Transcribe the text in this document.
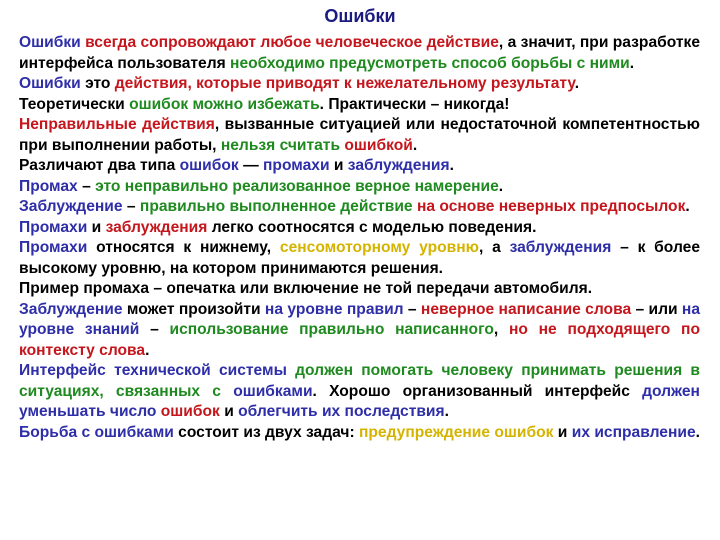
Ошибки

Ошибки всегда сопровождают любое человеческое действие, а значит, при разработке интерфейса пользователя необходимо предусмотреть способ борьбы с ними.

Ошибки это действия, которые приводят к нежелательному результату.

Теоретически ошибок можно избежать. Практически – никогда!

Неправильные действия, вызванные ситуацией или недостаточной компетентностью при выполнении работы, нельзя считать ошибкой.

Различают два типа ошибок — промахи и заблуждения.

Промах – это неправильно реализованное верное намерение.

Заблуждение – правильно выполненное действие на основе неверных предпосылок.

Промахи и заблуждения легко соотносятся с моделью поведения.

Промахи относятся к нижнему, сенсомоторному уровню, а заблуждения – к более высокому уровню, на котором принимаются решения.

Пример промаха – опечатка или включение не той передачи автомобиля.

Заблуждение может произойти на уровне правил – неверное написание слова – или на уровне знаний – использование правильно написанного, но не подходящего по контексту слова.

Интерфейс технической системы должен помогать человеку принимать решения в ситуациях, связанных с ошибками. Хорошо организованный интерфейс должен уменьшать число ошибок и облегчить их последствия.

Борьба с ошибками состоит из двух задач: предупреждение ошибок и их исправление.
